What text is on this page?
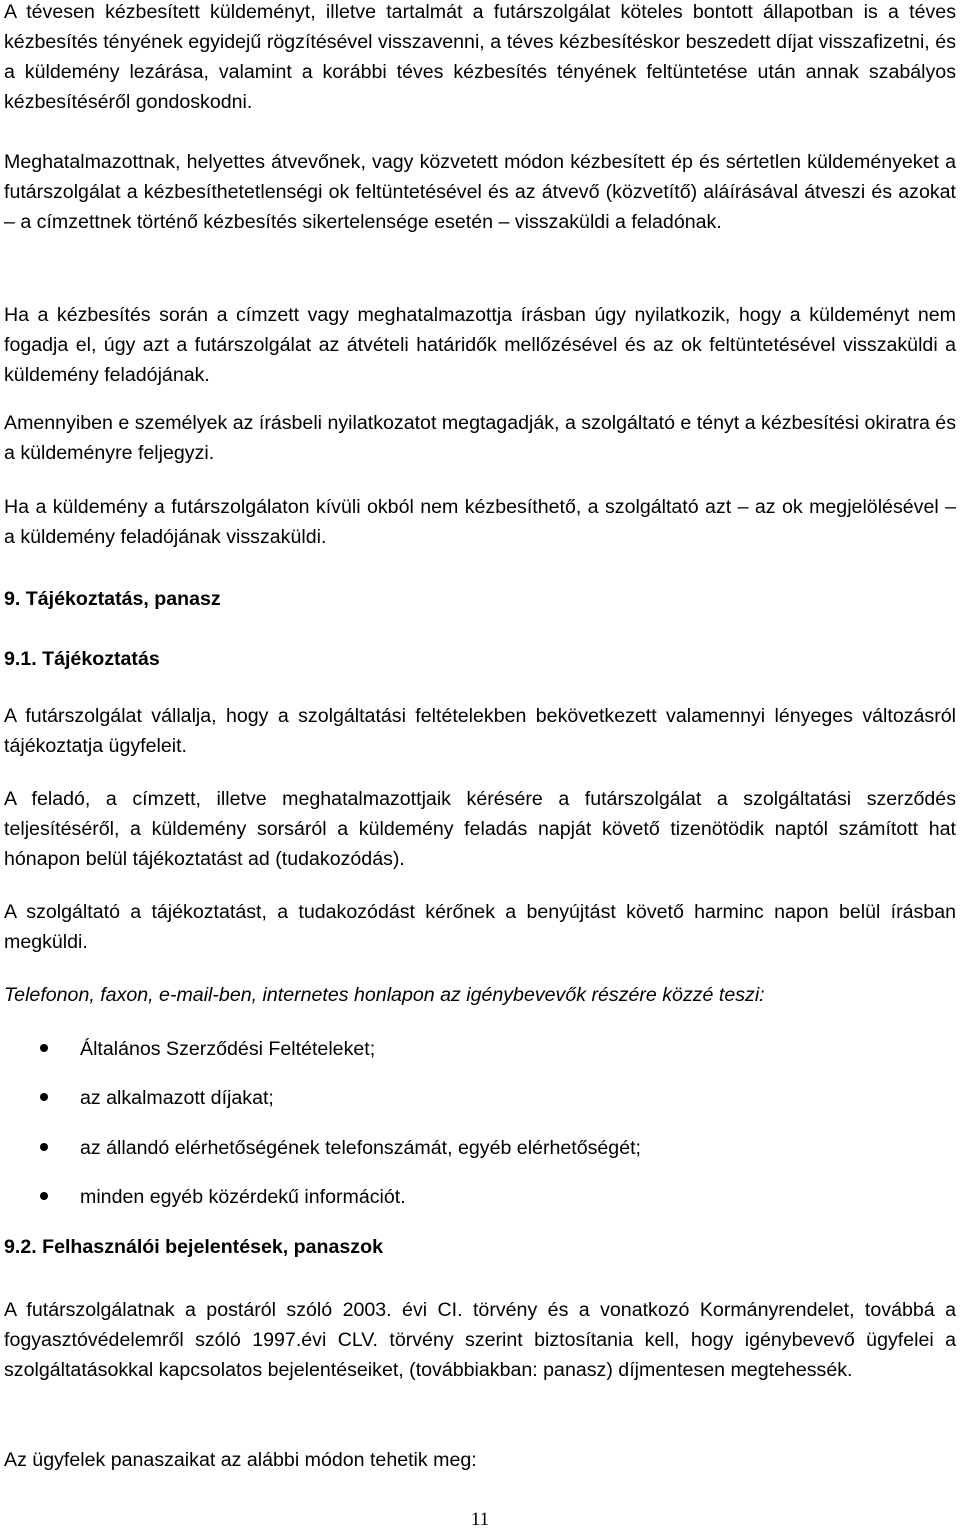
A tévesen kézbesített küldeményt, illetve tartalmát a futárszolgálat köteles bontott állapotban is a téves kézbesítés tényének egyidejű rögzítésével visszavenni, a téves kézbesítéskor beszedett díjat visszafizetni, és a küldemény lezárása, valamint a korábbi téves kézbesítés tényének feltüntetése után annak szabályos kézbesítéséről gondoskodni.

Meghatalmazottnak, helyettes átvevőnek, vagy közvetett módon kézbesített ép és sértetlen küldeményeket a futárszolgálat a kézbesíthetetlenségi ok feltüntetésével és az átvevő (közvetítő) aláírásával átveszi és azokat – a címzettnek történő kézbesítés sikertelensége esetén – visszaküldi a feladónak.

Ha a kézbesítés során a címzett vagy meghatalmazottja írásban úgy nyilatkozik, hogy a küldeményt nem fogadja el, úgy azt a futárszolgálat az átvételi határidők mellőzésével és az ok feltüntetésével visszaküldi a küldemény feladójának.

Amennyiben e személyek az írásbeli nyilatkozatot megtagadják, a szolgáltató e tényt a kézbesítési okiratra és a küldeményre feljegyzi.

Ha a küldemény a futárszolgálaton kívüli okból nem kézbesíthető, a szolgáltató azt – az ok megjelölésével – a küldemény feladójának visszaküldi.

9. Tájékoztatás, panasz

9.1. Tájékoztatás

A futárszolgálat vállalja, hogy a szolgáltatási feltételekben bekövetkezett valamennyi lényeges változásról tájékoztatja ügyfeleit.

A feladó, a címzett, illetve meghatalmazottjaik kérésére a futárszolgálat a szolgáltatási szerződés teljesítéséről, a küldemény sorsáról a küldemény feladás napját követő tizenötödik naptól számított hat hónapon belül tájékoztatást ad (tudakozódás).

A szolgáltató a tájékoztatást, a tudakozódást kérőnek a benyújtást követő harminc napon belül írásban megküldi.

Telefonon, faxon, e-mail-ben, internetes honlapon az igénybevevők részére közzé teszi:

Általános Szerződési Feltételeket;
az alkalmazott díjakat;
az állandó elérhetőségének telefonszámát, egyéb elérhetőségét;
minden egyéb közérdekű információt.

9.2. Felhasználói bejelentések, panaszok

A futárszolgálatnak a postáról szóló 2003. évi CI. törvény és a vonatkozó Kormányrendelet, továbbá a fogyasztóvédelemről szóló 1997.évi CLV. törvény szerint biztosítania kell, hogy igénybevevő ügyfelei a szolgáltatásokkal kapcsolatos bejelentéseiket, (továbbiakban: panasz) díjmentesen megtehessék.

Az ügyfelek panaszaikat az alábbi módon tehetik meg:

11
